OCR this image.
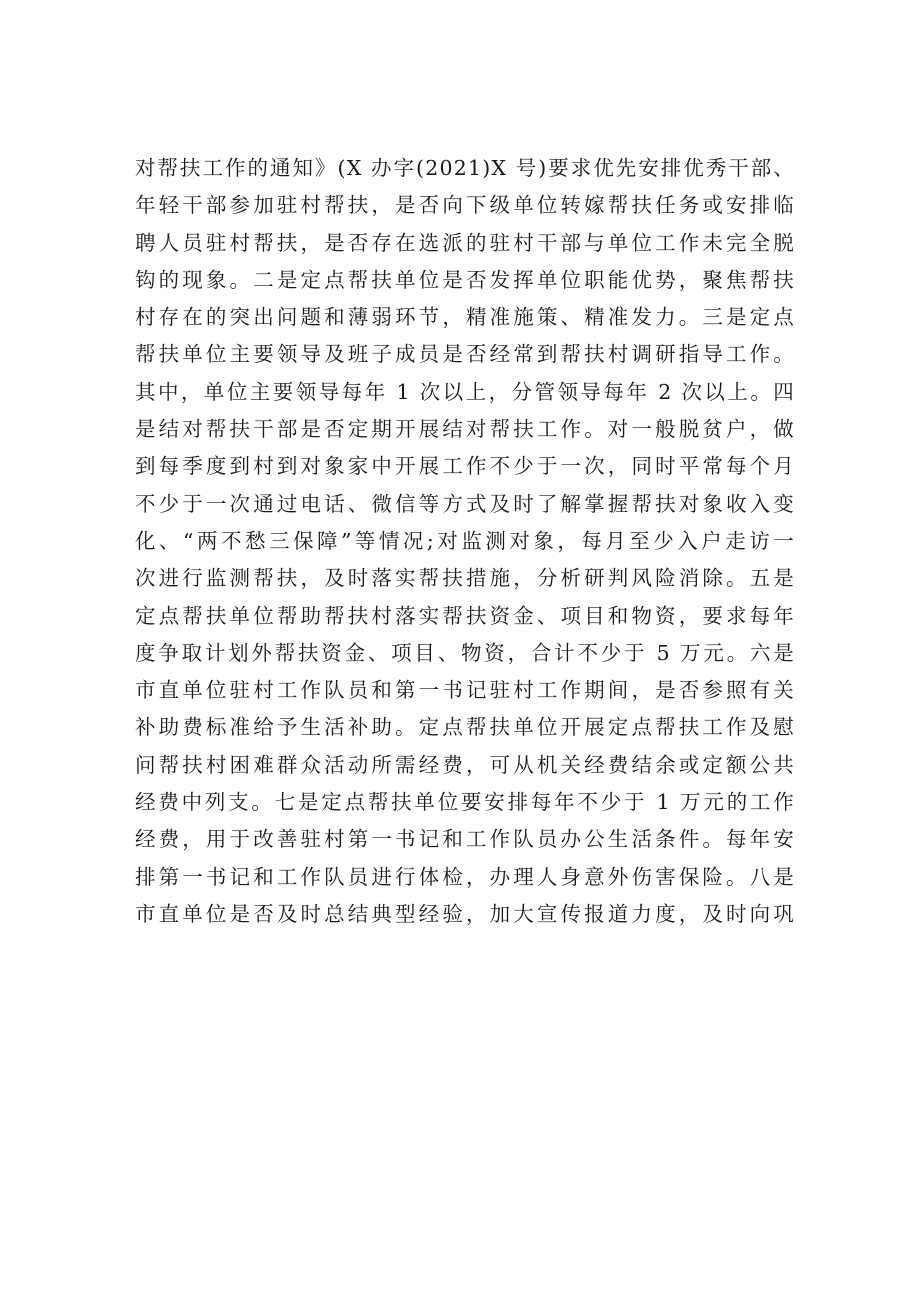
对帮扶工作的通知》(X 办字(2021)X 号)要求优先安排优秀干部、
年轻干部参加驻村帮扶，是否向下级单位转嫁帮扶任务或安排临
聘人员驻村帮扶，是否存在选派的驻村干部与单位工作未完全脱
钩的现象。二是定点帮扶单位是否发挥单位职能优势，聚焦帮扶
村存在的突出问题和薄弱环节，精准施策、精准发力。三是定点
帮扶单位主要领导及班子成员是否经常到帮扶村调研指导工作。
其中，单位主要领导每年 1 次以上，分管领导每年 2 次以上。四
是结对帮扶干部是否定期开展结对帮扶工作。对一般脱贫户，做
到每季度到村到对象家中开展工作不少于一次，同时平常每个月
不少于一次通过电话、微信等方式及时了解掌握帮扶对象收入变
化、“两不愁三保障”等情况;对监测对象，每月至少入户走访一
次进行监测帮扶，及时落实帮扶措施，分析研判风险消除。五是
定点帮扶单位帮助帮扶村落实帮扶资金、项目和物资，要求每年
度争取计划外帮扶资金、项目、物资，合计不少于 5 万元。六是
市直单位驻村工作队员和第一书记驻村工作期间，是否参照有关
补助费标准给予生活补助。定点帮扶单位开展定点帮扶工作及慰
问帮扶村困难群众活动所需经费，可从机关经费结余或定额公共
经费中列支。七是定点帮扶单位要安排每年不少于 1 万元的工作
经费，用于改善驻村第一书记和工作队员办公生活条件。每年安
排第一书记和工作队员进行体检，办理人身意外伤害保险。八是
市直单位是否及时总结典型经验，加大宣传报道力度，及时向巩
